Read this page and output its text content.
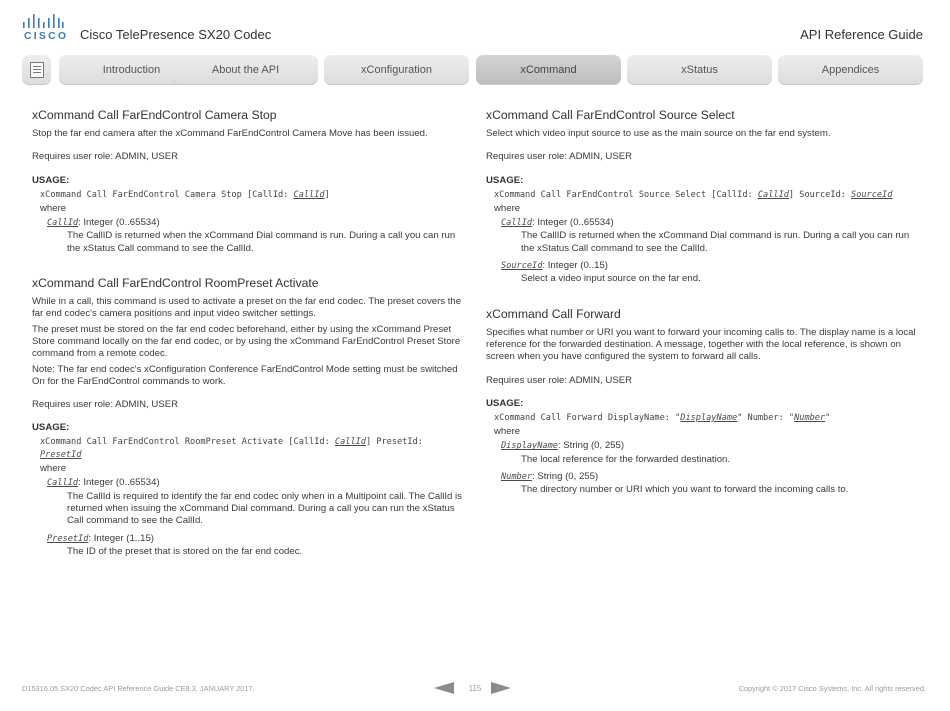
CISCO Cisco TelePresence SX20 Codec	API Reference Guide
Introduction	About the API	xConfiguration	xCommand	xStatus	Appendices
xCommand Call FarEndControl Camera Stop

Stop the far end camera after the xCommand FarEndControl Camera Move has been issued.

Requires user role: ADMIN, USER

USAGE:

xCommand Call FarEndControl Camera Stop [CallId: CallId]

where

CallId: Integer (0..65534)

The CallID is returned when the xCommand Dial command is run. During a call you can run the xStatus Call command to see the CallId.

xCommand Call FarEndControl RoomPreset Activate

While in a call, this command is used to activate a preset on the far end codec. The preset covers the far end codec's camera positions and input video switcher settings.

The preset must be stored on the far end codec beforehand, either by using the xCommand Preset Store command locally on the far end codec, or by using the xCommand FarEndControl Preset Store command from a remote codec.

Note: The far end codec's xConfiguration Conference FarEndControl Mode setting must be switched On for the FarEndControl commands to work.

Requires user role: ADMIN, USER

USAGE:

xCommand Call FarEndControl RoomPreset Activate [CallId: CallId] PresetId:
PresetId

where

CallId: Integer (0..65534)

The CallId is required to identify the far end codec only when in a Multipoint call. The CallId is returned when issuing the xCommand Dial command. During a call you can run the xStatus Call command to see the CallId.

PresetId: Integer (1..15)

The ID of the preset that is stored on the far end codec.

xCommand Call FarEndControl Source Select

Select which video input source to use as the main source on the far end system.

Requires user role: ADMIN, USER

USAGE:

xCommand Call FarEndControl Source Select [CallId: CallId] SourceId: SourceId

where

CallId: Integer (0..65534)

The CallID is returned when the xCommand Dial command is run. During a call you can run the xStatus Call command to see the CallId.

SourceId: Integer (0..15)

Select a video input source on the far end.

xCommand Call Forward

Specifies what number or URI you want to forward your incoming calls to. The display name is a local reference for the forwarded destination. A message, together with the local reference, is shown on screen when you have configured the system to forward all calls.

Requires user role: ADMIN, USER

USAGE:

xCommand Call Forward DisplayName: "DisplayName" Number: "Number"

where

DisplayName: String (0, 255)

The local reference for the forwarded destination.

Number: String (0, 255)

The directory number or URI which you want to forward the incoming calls to.

D15316.05 SX20 Codec API Reference Guide CE8.3, JANUARY 2017.	115	Copyright © 2017 Cisco Systems, Inc. All rights reserved.
